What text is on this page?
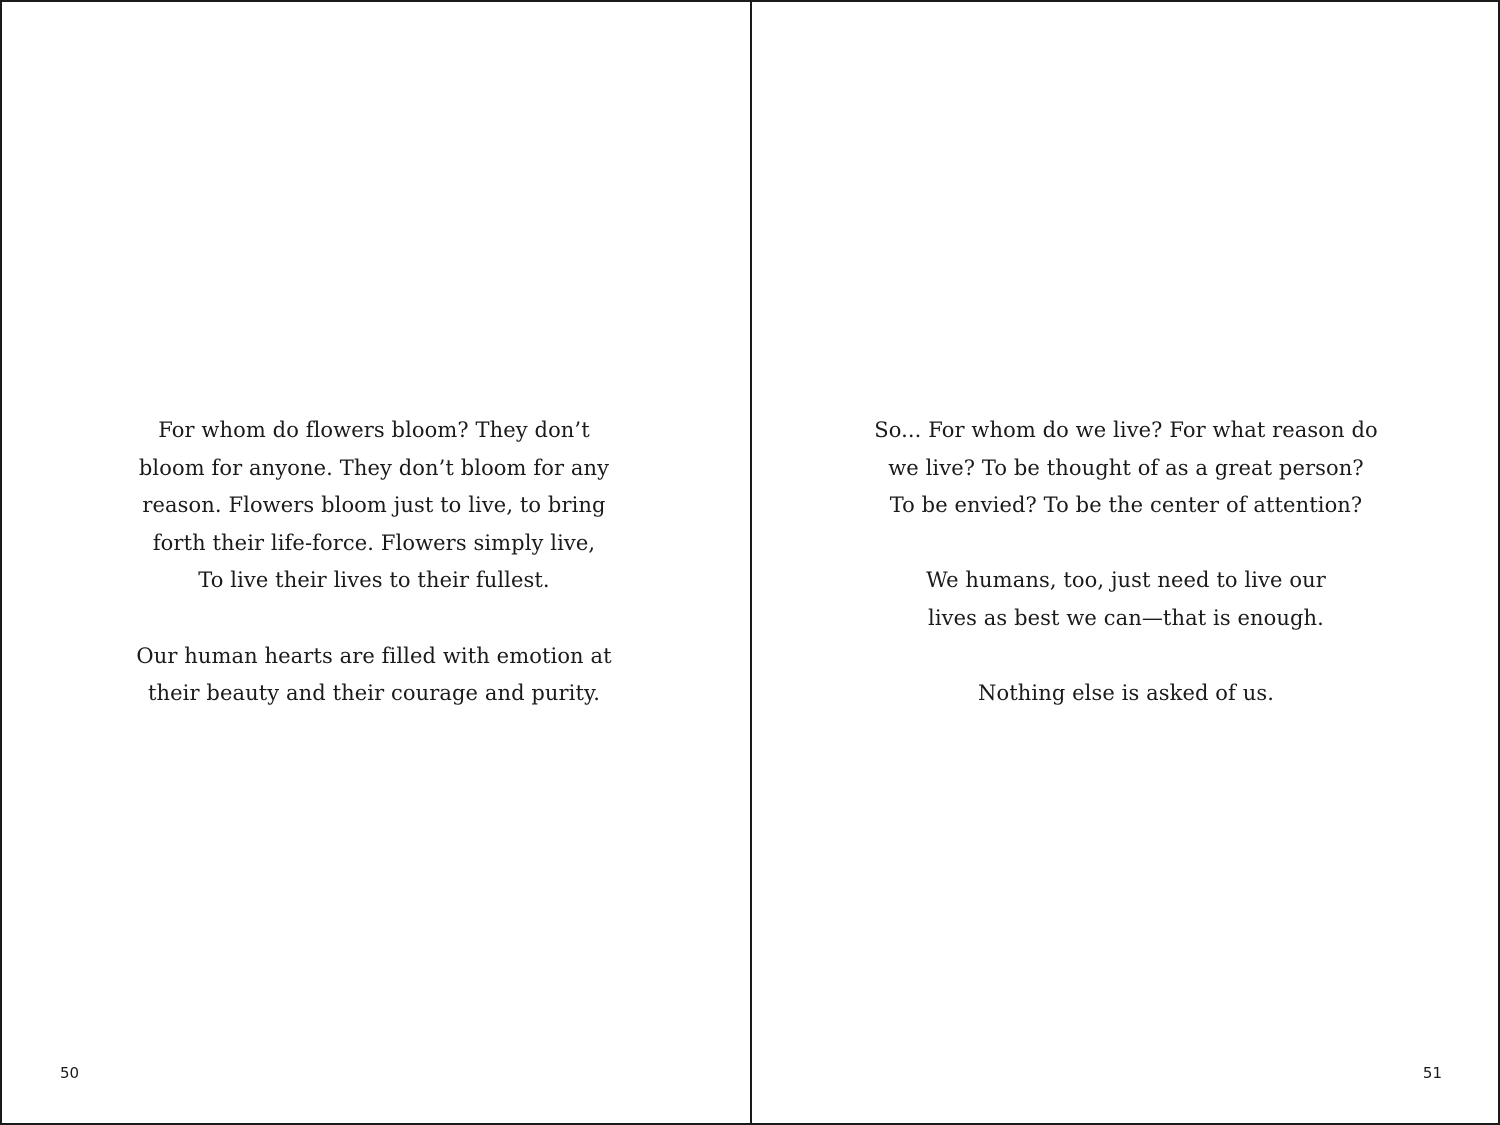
For whom do flowers bloom? They don’t
bloom for anyone. They don’t bloom for any
reason. Flowers bloom just to live, to bring
forth their life-force. Flowers simply live,
To live their lives to their fullest.

Our human hearts are filled with emotion at
their beauty and their courage and purity.

50

So... For whom do we live? For what reason do
we live? To be thought of as a great person?
To be envied? To be the center of attention?

We humans, too, just need to live our
lives as best we can—that is enough.

Nothing else is asked of us.

51
